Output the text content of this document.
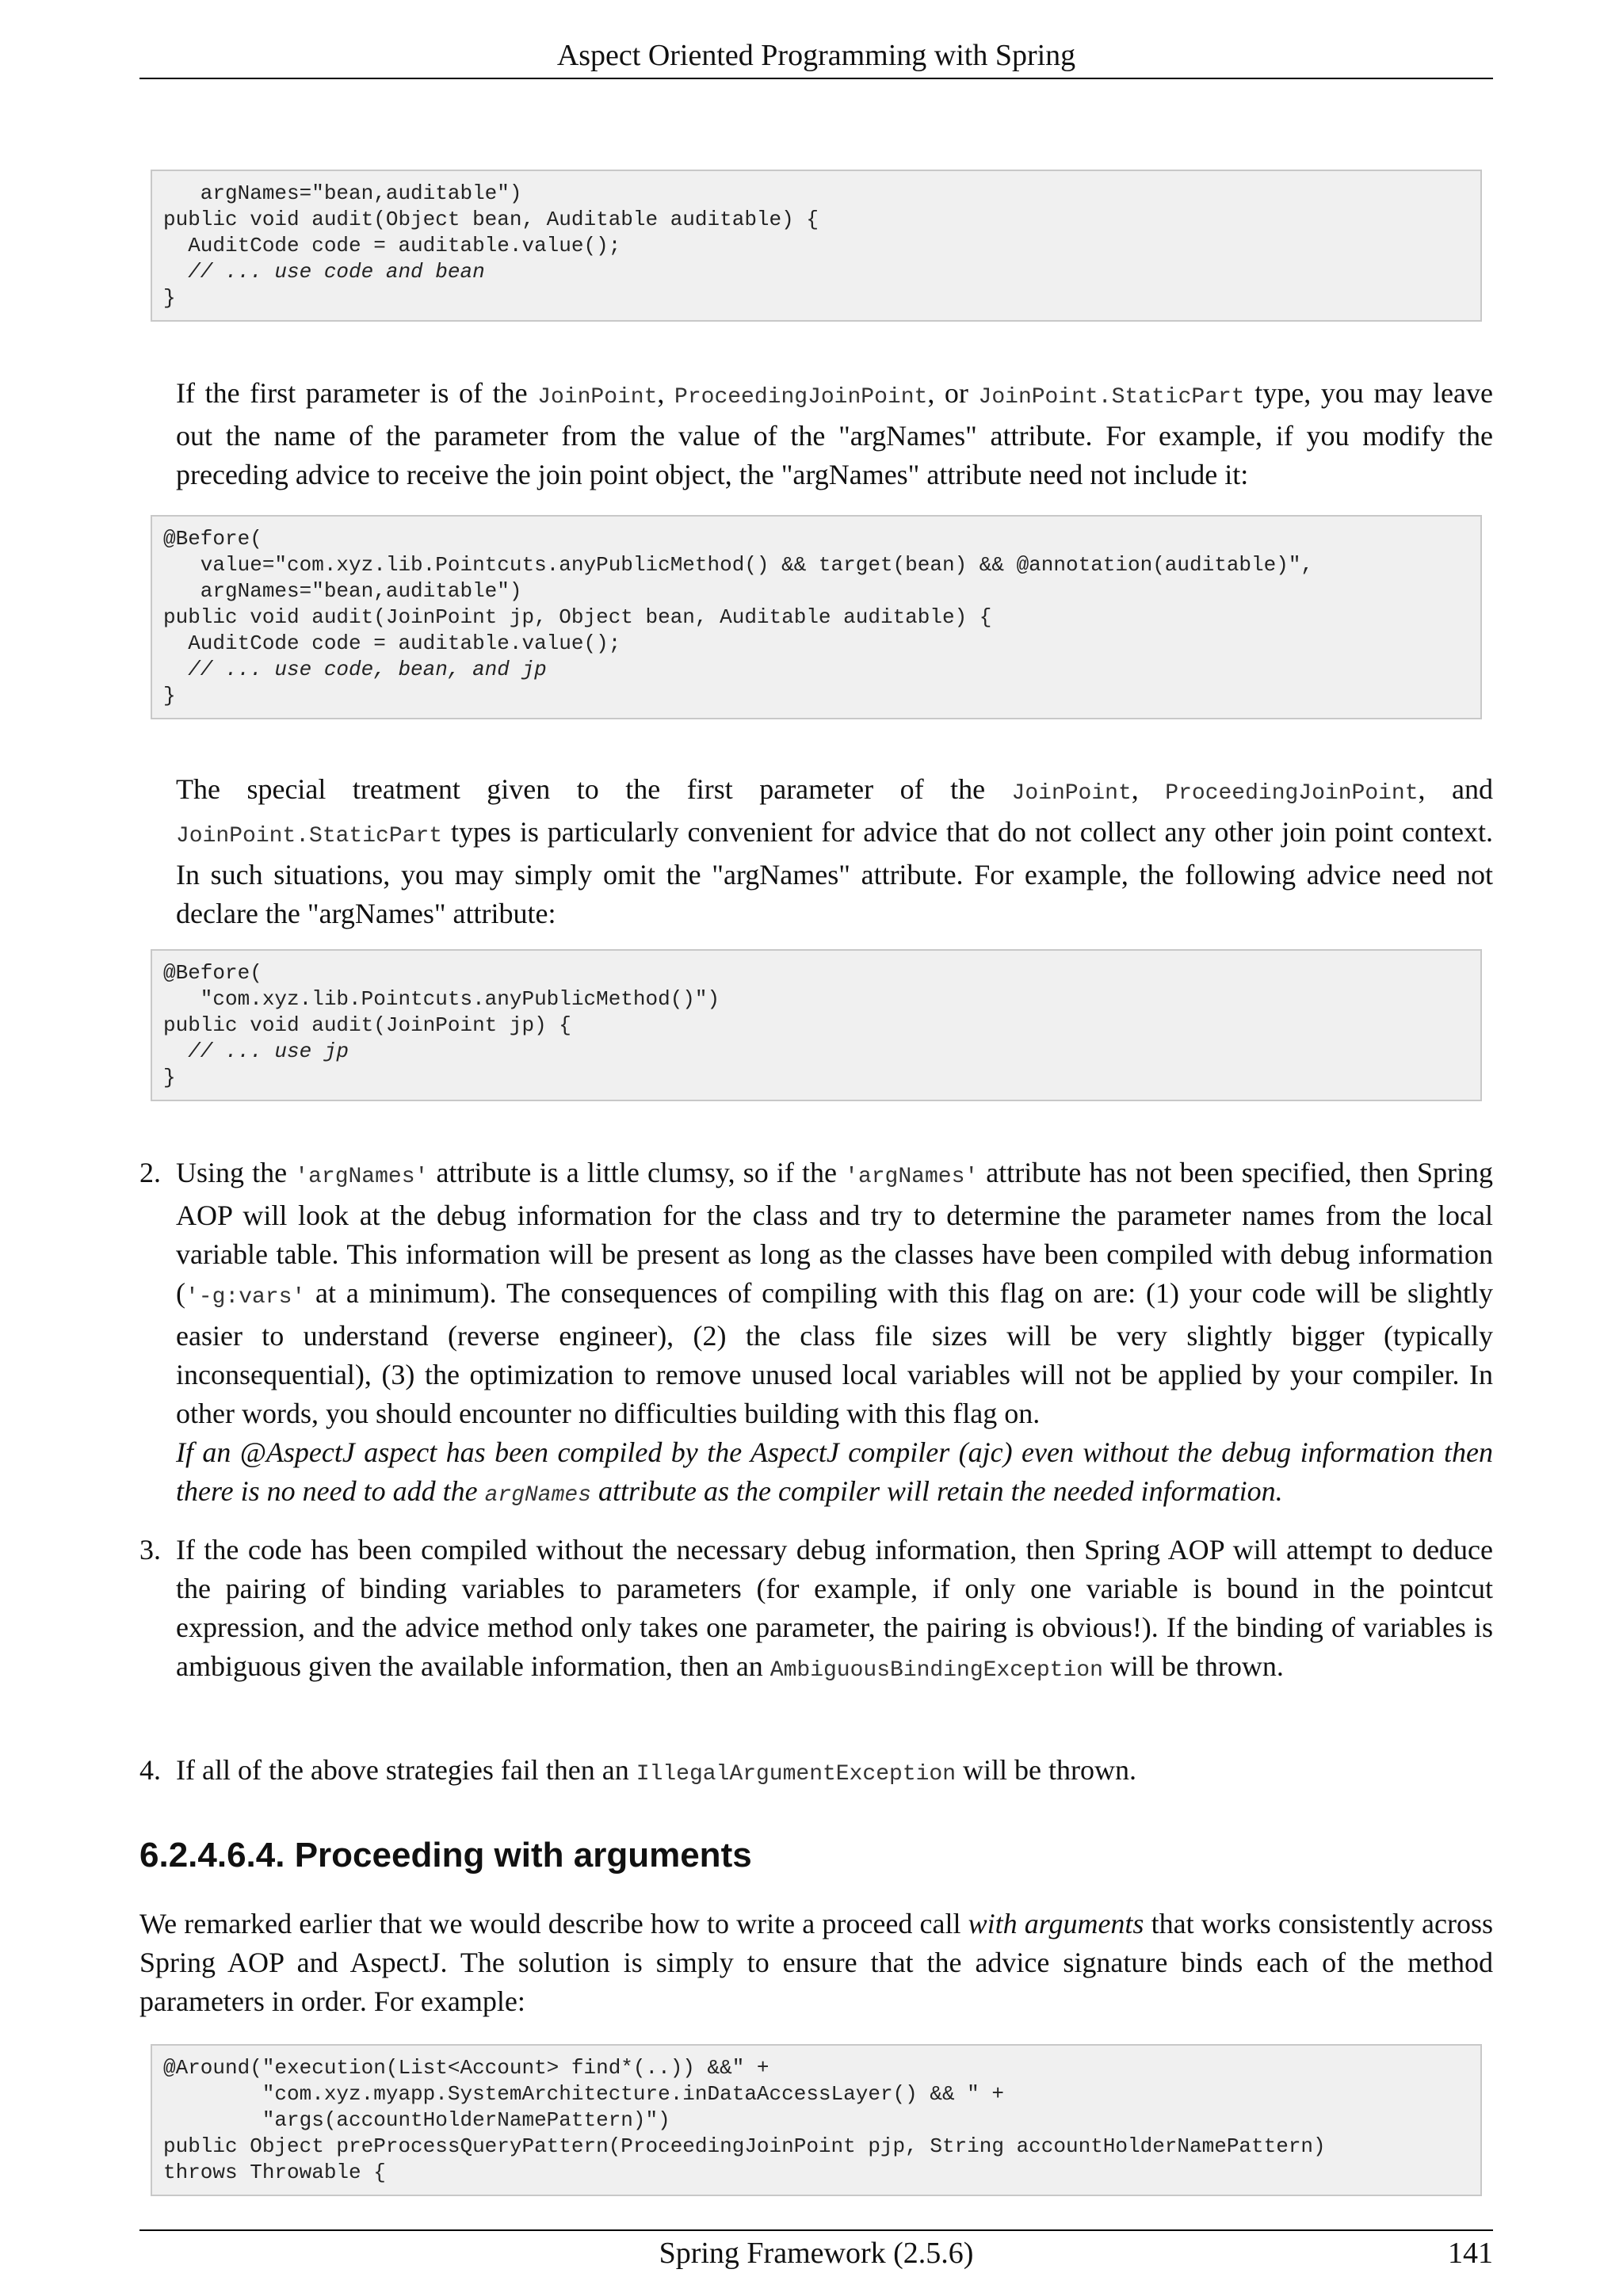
Aspect Oriented Programming with Spring
argNames="bean,auditable")
public void audit(Object bean, Auditable auditable) {
AuditCode code = auditable.value();
// ... use code and bean
}

If the first parameter is of the JoinPoint, ProceedingJoinPoint, or JoinPoint.StaticPart type, you may leave out the name of the parameter from the value of the "argNames" attribute. For example, if you modify the preceding advice to receive the join point object, the "argNames" attribute need not include it:

@Before(
value="com.xyz.lib.Pointcuts.anyPublicMethod() && target(bean) && @annotation(auditable)",
argNames="bean,auditable")
public void audit(JoinPoint jp, Object bean, Auditable auditable) {
AuditCode code = auditable.value();
// ... use code, bean, and jp
}

The special treatment given to the first parameter of the JoinPoint, ProceedingJoinPoint, and JoinPoint.StaticPart types is particularly convenient for advice that do not collect any other join point context. In such situations, you may simply omit the "argNames" attribute. For example, the following advice need not declare the "argNames" attribute:

@Before(
"com.xyz.lib.Pointcuts.anyPublicMethod()")
public void audit(JoinPoint jp) {
// ... use jp
}
2. Using the 'argNames' attribute is a little clumsy, so if the 'argNames' attribute has not been specified, then Spring AOP will look at the debug information for the class and try to determine the parameter names from the local variable table. This information will be present as long as the classes have been compiled with debug information ('-g:vars' at a minimum). The consequences of compiling with this flag on are: (1) your code will be slightly easier to understand (reverse engineer), (2) the class file sizes will be very slightly bigger (typically inconsequential), (3) the optimization to remove unused local variables will not be applied by your compiler. In other words, you should encounter no difficulties building with this flag on.
If an @AspectJ aspect has been compiled by the AspectJ compiler (ajc) even without the debug information then there is no need to add the argNames attribute as the compiler will retain the needed information.

3. If the code has been compiled without the necessary debug information, then Spring AOP will attempt to deduce the pairing of binding variables to parameters (for example, if only one variable is bound in the pointcut expression, and the advice method only takes one parameter, the pairing is obvious!). If the binding of variables is ambiguous given the available information, then an AmbiguousBindingException will be thrown.

4. If all of the above strategies fail then an IllegalArgumentException will be thrown.

6.2.4.6.4. Proceeding with arguments

We remarked earlier that we would describe how to write a proceed call with arguments that works consistently across Spring AOP and AspectJ. The solution is simply to ensure that the advice signature binds each of the method parameters in order. For example:

@Around("execution(List<Account> find*(..)) &&" +
"com.xyz.myapp.SystemArchitecture.inDataAccessLayer() && " +
"args(accountHolderNamePattern)")
public Object preProcessQueryPattern(ProceedingJoinPoint pjp, String accountHolderNamePattern)
throws Throwable {
Spring Framework (2.5.6)	141
